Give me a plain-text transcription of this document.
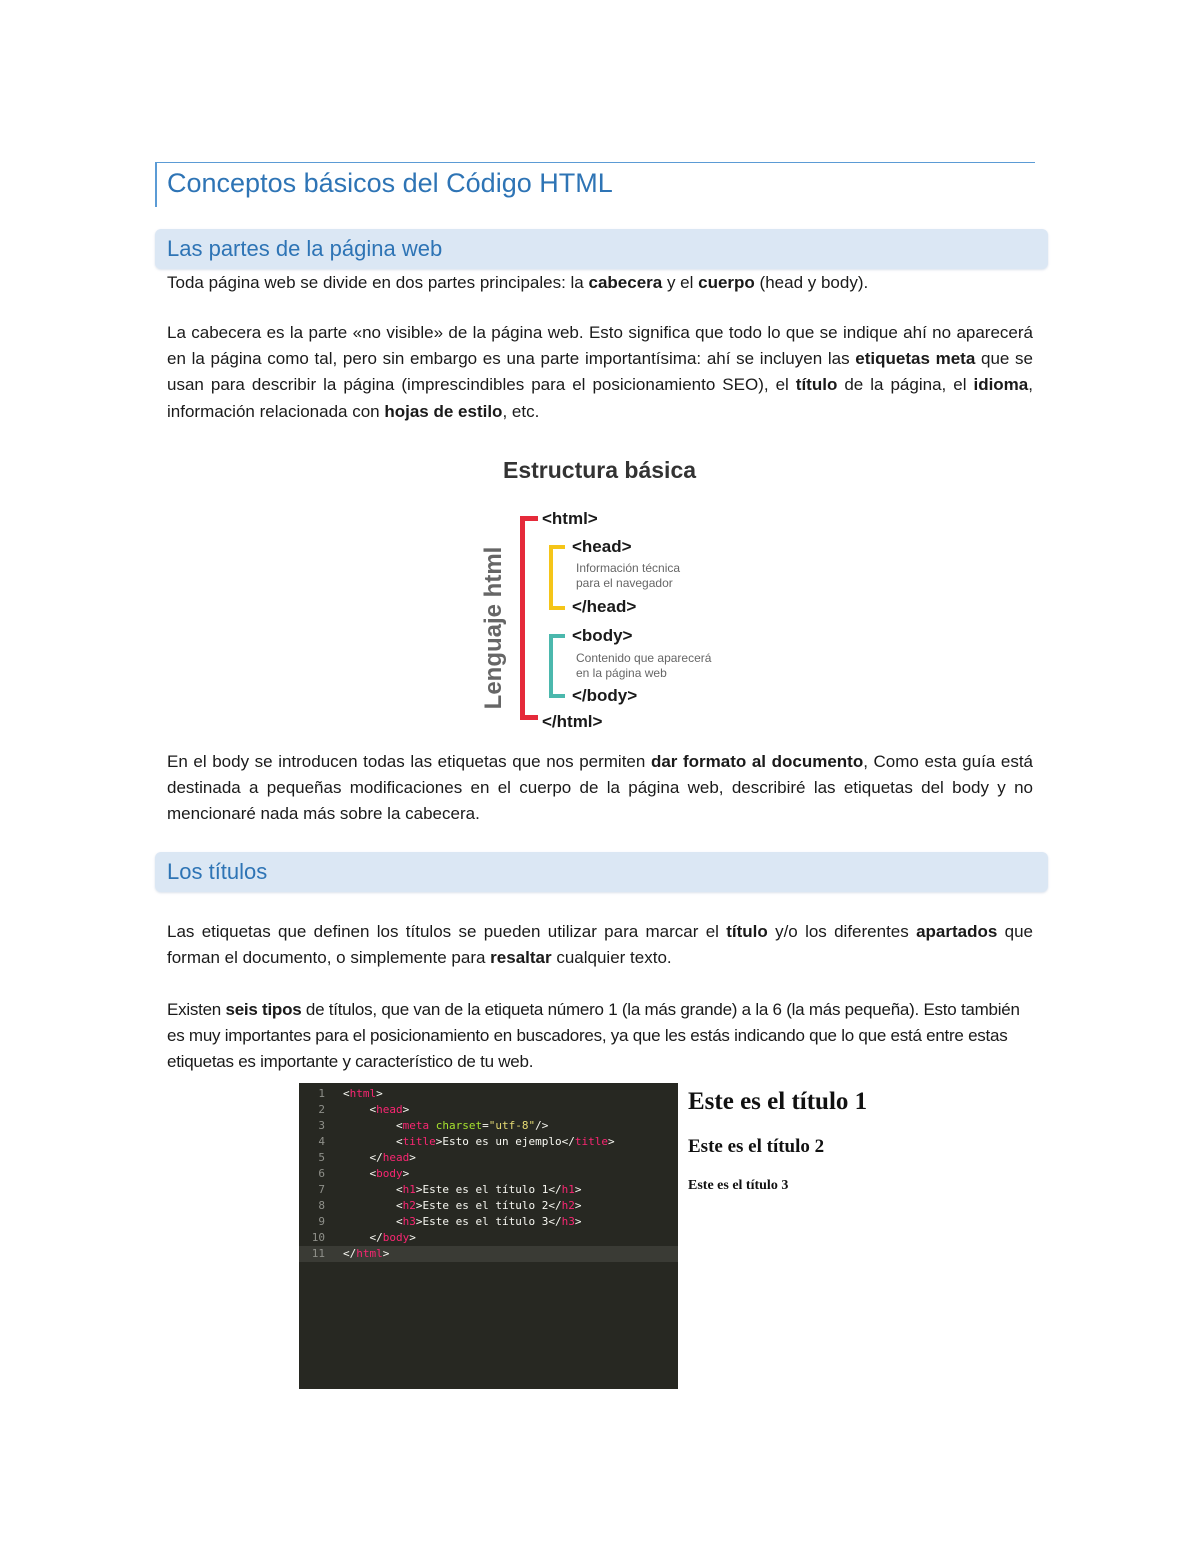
Conceptos básicos del Código HTML
Las partes de la página web

Toda página web se divide en dos partes principales: la cabecera y el cuerpo (head y body).

La cabecera es la parte «no visible» de la página web. Esto significa que todo lo que se indique ahí no aparecerá en la página como tal, pero sin embargo es una parte importantísima: ahí se incluyen las etiquetas meta que se usan para describir la página (imprescindibles para el posicionamiento SEO), el título de la página, el idioma, información relacionada con hojas de estilo, etc.

Estructura básica
Lenguaje html
<html>
<head>
Información técnica
para el navegador
</head>
<body>
Contenido que aparecerá
en la página web
</body>
</html>

En el body se introducen todas las etiquetas que nos permiten dar formato al documento, Como esta guía está destinada a pequeñas modificaciones en el cuerpo de la página web, describiré las etiquetas del body y no mencionaré nada más sobre la cabecera.

Los títulos

Las etiquetas que definen los títulos se pueden utilizar para marcar el título y/o los diferentes apartados que forman el documento, o simplemente para resaltar cualquier texto.

Existen seis tipos de títulos, que van de la etiqueta número 1 (la más grande) a la 6 (la más pequeña). Esto también es muy importantes para el posicionamiento en buscadores, ya que les estás indicando que lo que está entre estas etiquetas es importante y característico de tu web.

1 <html>
2 <head>
3 <meta charset="utf-8"/>
4 <title>Esto es un ejemplo</title>
5 </head>
6 <body>
7 <h1>Este es el título 1</h1>
8 <h2>Este es el título 2</h2>
9 <h3>Este es el título 3</h3>
10 </body>
11 </html>
Este es el título 1
Este es el título 2
Este es el título 3
